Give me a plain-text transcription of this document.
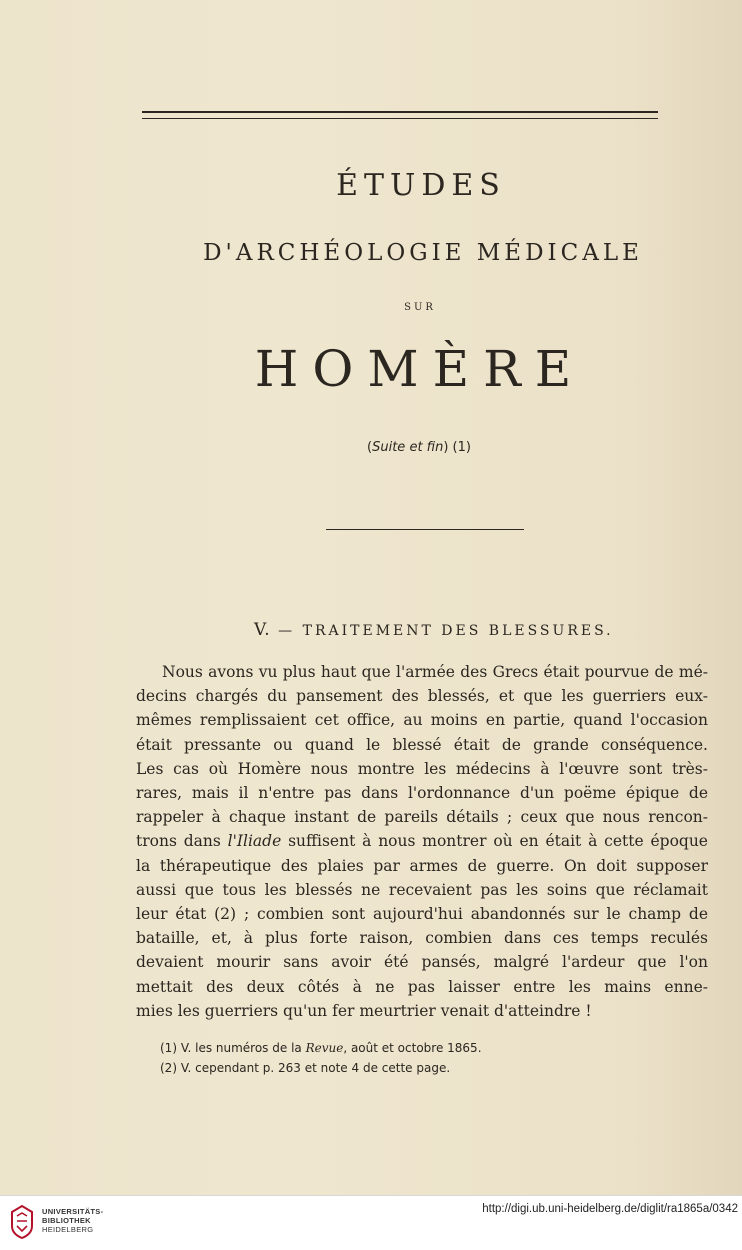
ÉTUDES
D'ARCHÉOLOGIE MÉDICALE
SUR
HOMÈRE
(Suite et fin) (1)
V. — TRAITEMENT DES BLESSURES.
Nous avons vu plus haut que l'armée des Grecs était pourvue de mé-
decins chargés du pansement des blessés, et que les guerriers eux-
mêmes remplissaient cet office, au moins en partie, quand l'occasion
était pressante ou quand le blessé était de grande conséquence.
Les cas où Homère nous montre les médecins à l'œuvre sont très-
rares, mais il n'entre pas dans l'ordonnance d'un poëme épique de
rappeler à chaque instant de pareils détails ; ceux que nous rencon-
trons dans l'Iliade suffisent à nous montrer où en était à cette époque
la thérapeutique des plaies par armes de guerre. On doit supposer
aussi que tous les blessés ne recevaient pas les soins que réclamait
leur état (2) ; combien sont aujourd'hui abandonnés sur le champ de
bataille, et, à plus forte raison, combien dans ces temps reculés
devaient mourir sans avoir été pansés, malgré l'ardeur que l'on
mettait des deux côtés à ne pas laisser entre les mains enne-
mies les guerriers qu'un fer meurtrier venait d'atteindre !
(1) V. les numéros de la Revue, août et octobre 1865.
(2) V. cependant p. 263 et note 4 de cette page.
UNIVERSITÄTS-
BIBLIOTHEK
HEIDELBERG
http://digi.ub.uni-heidelberg.de/diglit/ra1865a/0342
